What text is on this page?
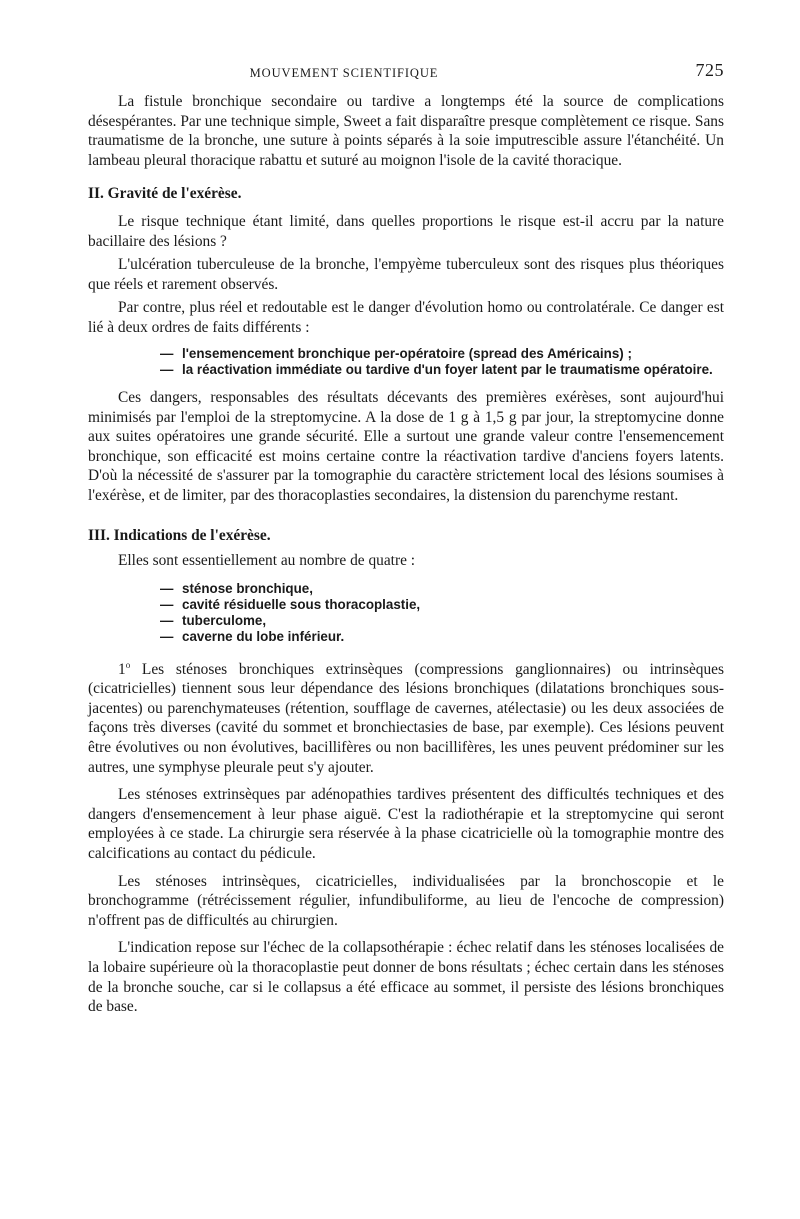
MOUVEMENT SCIENTIFIQUE	725

La fistule bronchique secondaire ou tardive a longtemps été la source de complications désespérantes. Par une technique simple, Sweet a fait disparaître presque complètement ce risque. Sans traumatisme de la bronche, une suture à points séparés à la soie imputrescible assure l'étanchéité. Un lambeau pleural thoracique rabattu et suturé au moignon l'isole de la cavité thoracique.

II. Gravité de l'exérèse.

Le risque technique étant limité, dans quelles proportions le risque est-il accru par la nature bacillaire des lésions ?

L'ulcération tuberculeuse de la bronche, l'empyème tuberculeux sont des risques plus théoriques que réels et rarement observés.

Par contre, plus réel et redoutable est le danger d'évolution homo ou controlatérale. Ce danger est lié à deux ordres de faits différents :

— l'ensemencement bronchique per-opératoire (spread des Américains) ;
— la réactivation immédiate ou tardive d'un foyer latent par le traumatisme opératoire.

Ces dangers, responsables des résultats décevants des premières exérèses, sont aujourd'hui minimisés par l'emploi de la streptomycine. A la dose de 1 g à 1,5 g par jour, la streptomycine donne aux suites opératoires une grande sécurité. Elle a surtout une grande valeur contre l'ensemencement bronchique, son efficacité est moins certaine contre la réactivation tardive d'anciens foyers latents. D'où la nécessité de s'assurer par la tomographie du caractère strictement local des lésions soumises à l'exérèse, et de limiter, par des thoracoplasties secondaires, la distension du parenchyme restant.

III. Indications de l'exérèse.

Elles sont essentiellement au nombre de quatre :

— sténose bronchique,
— cavité résiduelle sous thoracoplastie,
— tuberculome,
— caverne du lobe inférieur.

1$^o$ Les sténoses bronchiques extrinsèques (compressions ganglionnaires) ou intrinsèques (cicatricielles) tiennent sous leur dépendance des lésions bronchiques (dilatations bronchiques sous-jacentes) ou parenchymateuses (rétention, soufflage de cavernes, atélectasie) ou les deux associées de façons très diverses (cavité du sommet et bronchiectasies de base, par exemple). Ces lésions peuvent être évolutives ou non évolutives, bacillifères ou non bacillifères, les unes peuvent prédominer sur les autres, une symphyse pleurale peut s'y ajouter.

Les sténoses extrinsèques par adénopathies tardives présentent des difficultés techniques et des dangers d'ensemencement à leur phase aiguë. C'est la radiothérapie et la streptomycine qui seront employées à ce stade. La chirurgie sera réservée à la phase cicatricielle où la tomographie montre des calcifications au contact du pédicule.

Les sténoses intrinsèques, cicatricielles, individualisées par la bronchoscopie et le bronchogramme (rétrécissement régulier, infundibuliforme, au lieu de l'encoche de compression) n'offrent pas de difficultés au chirurgien.

L'indication repose sur l'échec de la collapsothérapie : échec relatif dans les sténoses localisées de la lobaire supérieure où la thoracoplastie peut donner de bons résultats ; échec certain dans les sténoses de la bronche souche, car si le collapsus a été efficace au sommet, il persiste des lésions bronchiques de base.
